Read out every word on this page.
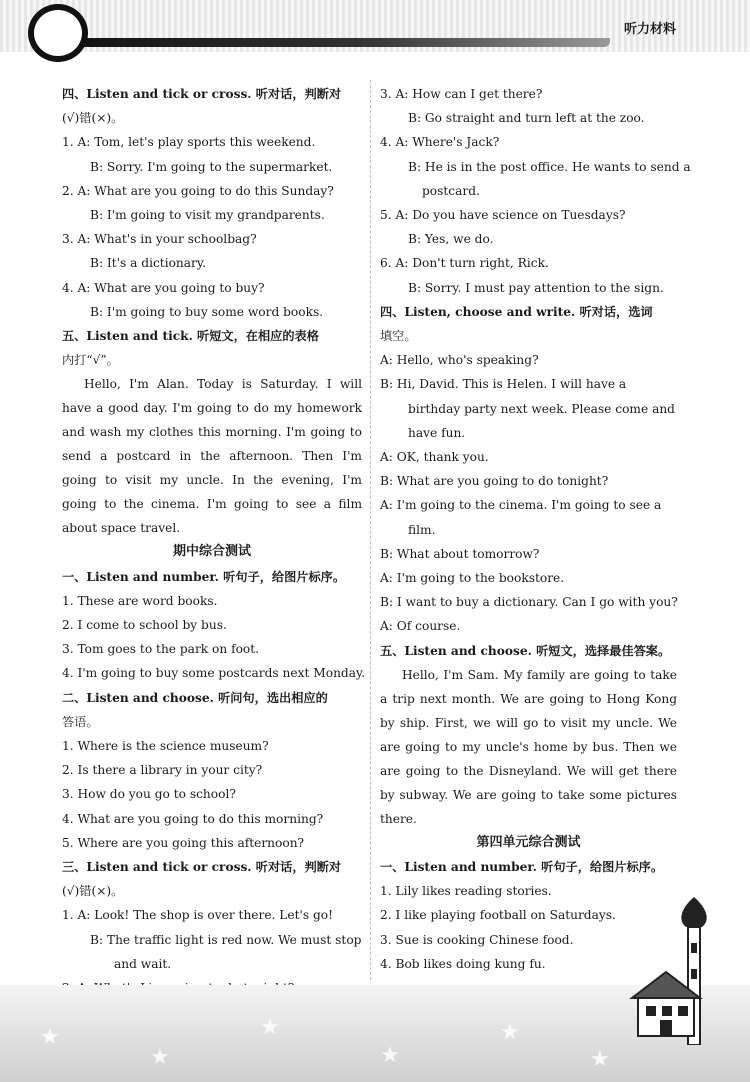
听力材料
四、Listen and tick or cross. 听对话，判断对
(√)错(×)。
1. A: Tom, let's play sports this weekend.
B: Sorry. I'm going to the supermarket.
2. A: What are you going to do this Sunday?
B: I'm going to visit my grandparents.
3. A: What's in your schoolbag?
B: It's a dictionary.
4. A: What are you going to buy?
B: I'm going to buy some word books.
五、Listen and tick. 听短文，在相应的表格
内打“√”。
Hello, I'm Alan. Today is Saturday. I will have a good day. I'm going to do my homework and wash my clothes this morning. I'm going to send a postcard in the afternoon. Then I'm going to visit my uncle. In the evening, I'm going to the cinema. I'm going to see a film about space travel.
期中综合测试
一、Listen and number. 听句子，给图片标序。
1. These are word books.
2. I come to school by bus.
3. Tom goes to the park on foot.
4. I'm going to buy some postcards next Monday.
二、Listen and choose. 听问句，选出相应的
答语。
1. Where is the science museum?
2. Is there a library in your city?
3. How do you go to school?
4. What are you going to do this morning?
5. Where are you going this afternoon?
三、Listen and tick or cross. 听对话，判断对
(√)错(×)。
1. A: Look! The shop is over there. Let's go!
B: The traffic light is red now. We must stop
and wait.
3. A: How can I get there?
B: Go straight and turn left at the zoo.
4. A: Where's Jack?
B: He is in the post office. He wants to send a
postcard.
5. A: Do you have science on Tuesdays?
B: Yes, we do.
6. A: Don't turn right, Rick.
B: Sorry. I must pay attention to the sign.
四、Listen, choose and write. 听对话，选词
填空。
A: Hello, who's speaking?
B: Hi, David. This is Helen. I will have a
birthday party next week. Please come and
have fun.
A: OK, thank you.
B: What are you going to do tonight?
A: I'm going to the cinema. I'm going to see a
film.
B: What about tomorrow?
A: I'm going to the bookstore.
B: I want to buy a dictionary. Can I go with you?
A: Of course.
五、Listen and choose. 听短文，选择最佳答案。
Hello, I'm Sam. My family are going to take a trip next month. We are going to Hong Kong by ship. First, we will go to visit my uncle. We are going to my uncle's home by bus. Then we are going to the Disneyland. We will get there by subway. We are going to take some pictures there.
第四单元综合测试
一、Listen and number. 听句子，给图片标序。
1. Lily likes reading stories.
2. I like playing football on Saturdays.
3. Sue is cooking Chinese food.
4. Bob likes doing kung fu.
★
★
★
★
★
★
